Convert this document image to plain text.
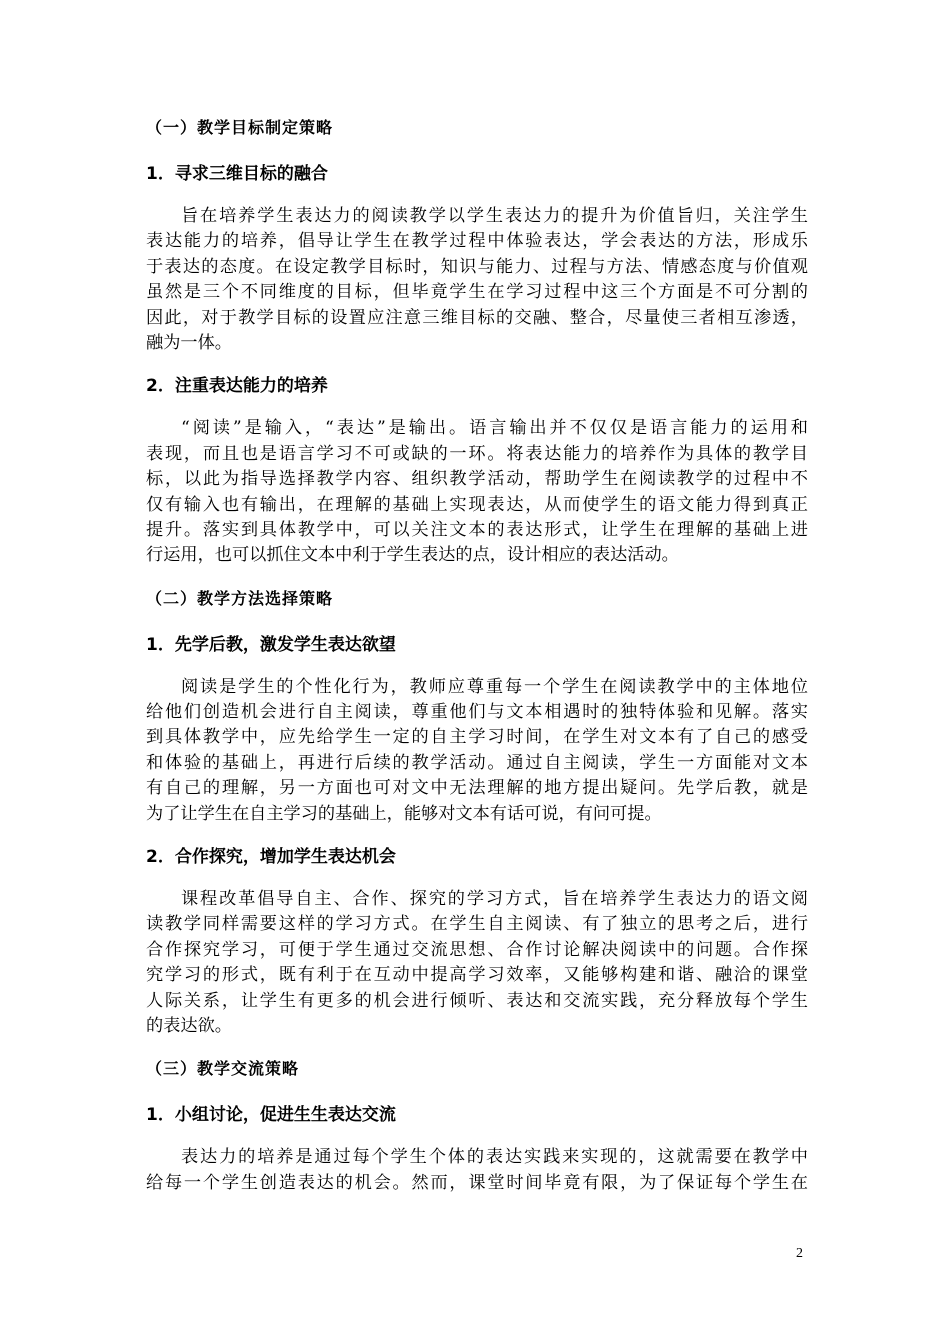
（一）教学目标制定策略
1．寻求三维目标的融合
旨在培养学生表达力的阅读教学以学生表达力的提升为价值旨归，关注学生
表达能力的培养，倡导让学生在教学过程中体验表达，学会表达的方法，形成乐
于表达的态度。在设定教学目标时，知识与能力、过程与方法、情感态度与价值观
虽然是三个不同维度的目标，但毕竟学生在学习过程中这三个方面是不可分割的
因此，对于教学目标的设置应注意三维目标的交融、整合，尽量使三者相互渗透，
融为一体。
2．注重表达能力的培养
“阅读”是输入，“表达”是输出。语言输出并不仅仅是语言能力的运用和
表现，而且也是语言学习不可或缺的一环。将表达能力的培养作为具体的教学目
标，以此为指导选择教学内容、组织教学活动，帮助学生在阅读教学的过程中不
仅有输入也有输出，在理解的基础上实现表达，从而使学生的语文能力得到真正
提升。落实到具体教学中，可以关注文本的表达形式，让学生在理解的基础上进
行运用，也可以抓住文本中利于学生表达的点，设计相应的表达活动。
（二）教学方法选择策略
1．先学后教，激发学生表达欲望
阅读是学生的个性化行为，教师应尊重每一个学生在阅读教学中的主体地位
给他们创造机会进行自主阅读，尊重他们与文本相遇时的独特体验和见解。落实
到具体教学中，应先给学生一定的自主学习时间，在学生对文本有了自己的感受
和体验的基础上，再进行后续的教学活动。通过自主阅读，学生一方面能对文本
有自己的理解，另一方面也可对文中无法理解的地方提出疑问。先学后教，就是
为了让学生在自主学习的基础上，能够对文本有话可说，有问可提。
2．合作探究，增加学生表达机会
课程改革倡导自主、合作、探究的学习方式，旨在培养学生表达力的语文阅
读教学同样需要这样的学习方式。在学生自主阅读、有了独立的思考之后，进行
合作探究学习，可便于学生通过交流思想、合作讨论解决阅读中的问题。合作探
究学习的形式，既有利于在互动中提高学习效率，又能够构建和谐、融洽的课堂
人际关系，让学生有更多的机会进行倾听、表达和交流实践，充分释放每个学生
的表达欲。
（三）教学交流策略
1．小组讨论，促进生生表达交流
表达力的培养是通过每个学生个体的表达实践来实现的，这就需要在教学中
给每一个学生创造表达的机会。然而，课堂时间毕竟有限，为了保证每个学生在
2
